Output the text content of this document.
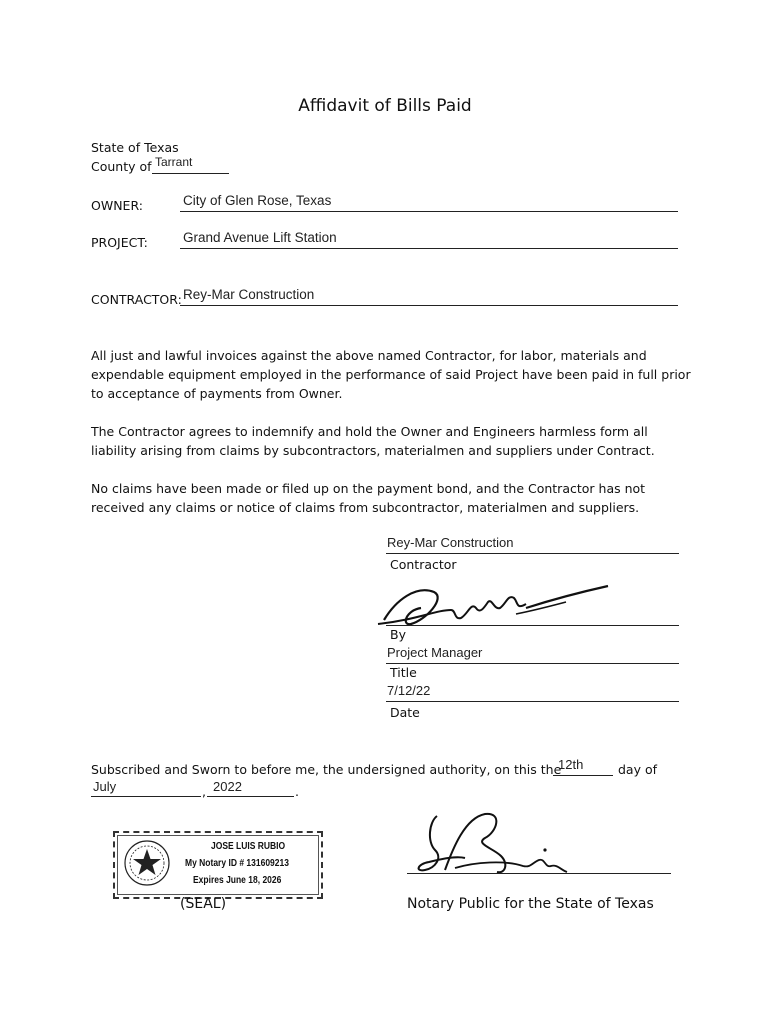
Affidavit of Bills Paid
State of Texas
County of Tarrant
OWNER:	City of Glen Rose, Texas
PROJECT:	Grand Avenue Lift Station
CONTRACTOR: Rey-Mar Construction

All just and lawful invoices against the above named Contractor, for labor, materials and

expendable equipment employed in the performance of said Project have been paid in full prior

to acceptance of payments from Owner.

The Contractor agrees to indemnify and hold the Owner and Engineers harmless form all

liability arising from claims by subcontractors, materialmen and suppliers under Contract.

No claims have been made or filed up on the payment bond, and the Contractor has not

received any claims or notice of claims from subcontractor, materialmen and suppliers.

Rey-Mar Construction
Contractor
By
Project Manager
Title
7/12/22
Date
Subscribed and Sworn to before me, the undersigned authority, on this the
12th	day of
July	, 2022	.
JOSE LUIS RUBIO
My Notary ID # 131609213
Expires June 18, 2026
(SEAL)	Notary Public for the State of Texas
